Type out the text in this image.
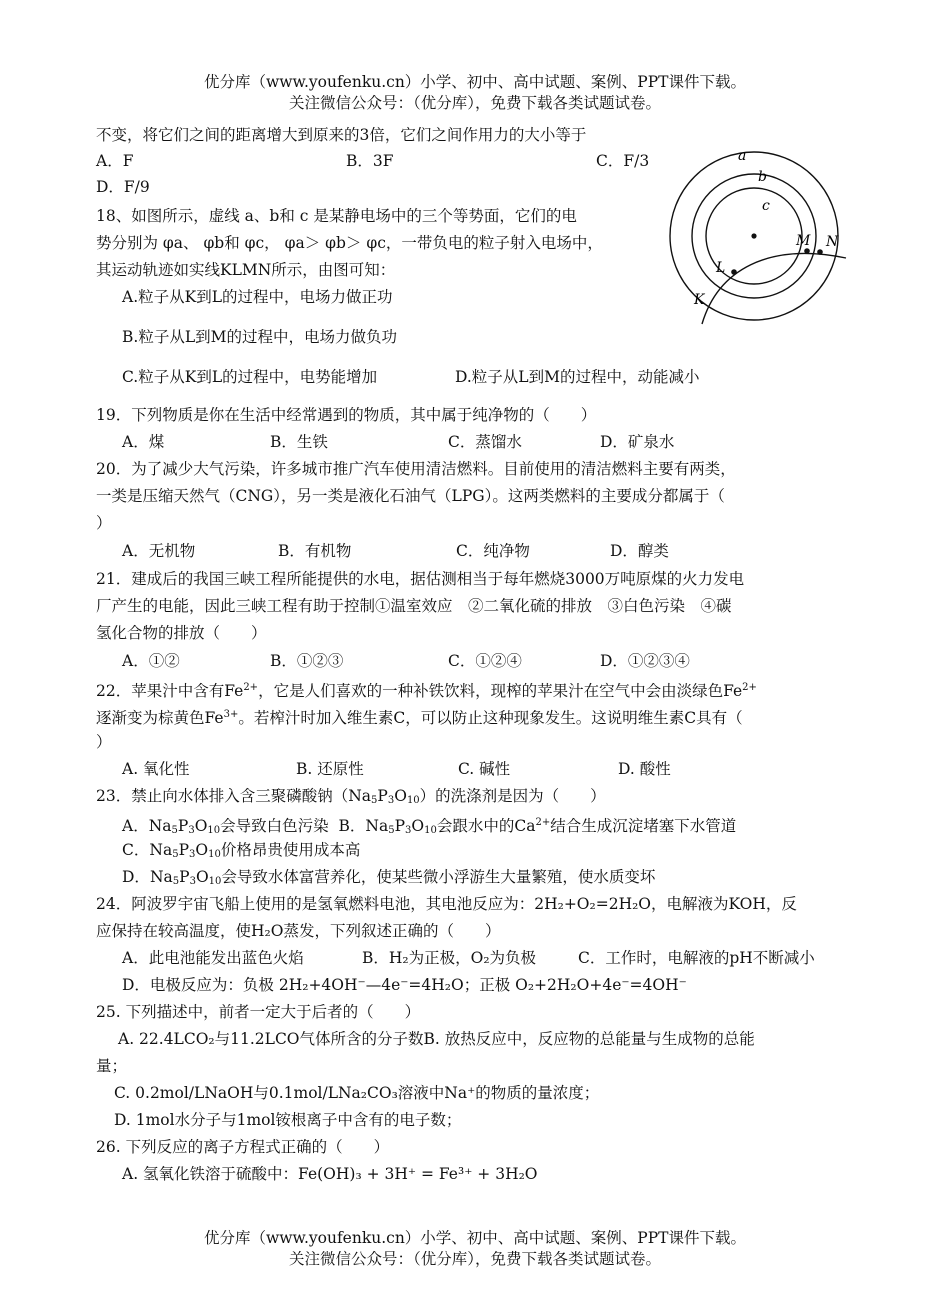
优分库（www.youfenku.cn）小学、初中、高中试题、案例、PPT课件下载。
关注微信公众号：（优分库），免费下载各类试题试卷。
不变，将它们之间的距离增大到原来的3倍，它们之间作用力的大小等于
A．F	B．3F	C．F/3
D．F/9
18、如图所示，虚线 a、b和 c 是某静电场中的三个等势面，它们的电
势分别为 φa、 φb和 φc， φa＞ φb＞ φc，一带负电的粒子射入电场中，
其运动轨迹如实线KLMN所示，由图可知：
A.粒子从K到L的过程中，电场力做正功
B.粒子从L到M的过程中，电场力做负功
C.粒子从K到L的过程中，电势能增加	D.粒子从L到M的过程中，动能减小
a
b
c
M N
L
K
19．下列物质是你在生活中经常遇到的物质，其中属于纯净物的（　　）
A．煤	B．生铁	C．蒸馏水	D．矿泉水
20．为了减少大气污染，许多城市推广汽车使用清洁燃料。目前使用的清洁燃料主要有两类，
一类是压缩天然气（CNG），另一类是液化石油气（LPG）。这两类燃料的主要成分都属于（
）
A．无机物	B．有机物	C．纯净物	D．醇类
21．建成后的我国三峡工程所能提供的水电，据估测相当于每年燃烧3000万吨原煤的火力发电
厂产生的电能，因此三峡工程有助于控制①温室效应　②二氧化硫的排放　③白色污染　④碳
氢化合物的排放（　　）
A．①②	B．①②③	C．①②④	D．①②③④
22．苹果汁中含有$Fe^{2+}$，它是人们喜欢的一种补铁饮料，现榨的苹果汁在空气中会由淡绿色$Fe^{2+}$
逐渐变为棕黄色$Fe^{3+}$。若榨汁时加入维生素C，可以防止这种现象发生。这说明维生素C具有（
）
A. 氧化性	B. 还原性	C. 碱性	D. 酸性
23．禁止向水体排入含三聚磷酸钠$(Na_5P_3O_{10})$的洗涤剂是因为（　　）
A．$Na_5P_3O_{10}$会导致白色污染 B．$Na_5P_3O_{10}$会跟水中的$Ca^{2+}$结合生成沉淀堵塞下水管道
C．$Na_5P_3O_{10}$价格昂贵使用成本高
D．$Na_5P_3O_{10}$会导致水体富营养化，使某些微小浮游生大量繁殖，使水质变坏
24．阿波罗宇宙飞船上使用的是氢氧燃料电池，其电池反应为：2H₂+O₂=2H₂O，电解液为KOH，反
应保持在较高温度，使H₂O蒸发，下列叙述正确的（　　）
A．此电池能发出蓝色火焰	B．H₂为正极，O₂为负极	C．工作时，电解液的pH不断减小
D．电极反应为：负极 2H₂+4OH⁻—4e⁻=4H₂O；正极 O₂+2H₂O+4e⁻=4OH⁻
25. 下列描述中，前者一定大于后者的（　　）
A. 22.4LCO₂与11.2LCO气体所含的分子数B. 放热反应中，反应物的总能量与生成物的总能
量；
C. 0.2mol/LNaOH与0.1mol/LNa₂CO₃溶液中Na⁺的物质的量浓度；
D. 1mol水分子与1mol铵根离子中含有的电子数；
26. 下列反应的离子方程式正确的（　　）
A. 氢氧化铁溶于硫酸中：Fe(OH)₃ + 3H⁺ = Fe³⁺ + 3H₂O
优分库（www.youfenku.cn）小学、初中、高中试题、案例、PPT课件下载。
关注微信公众号：（优分库），免费下载各类试题试卷。
